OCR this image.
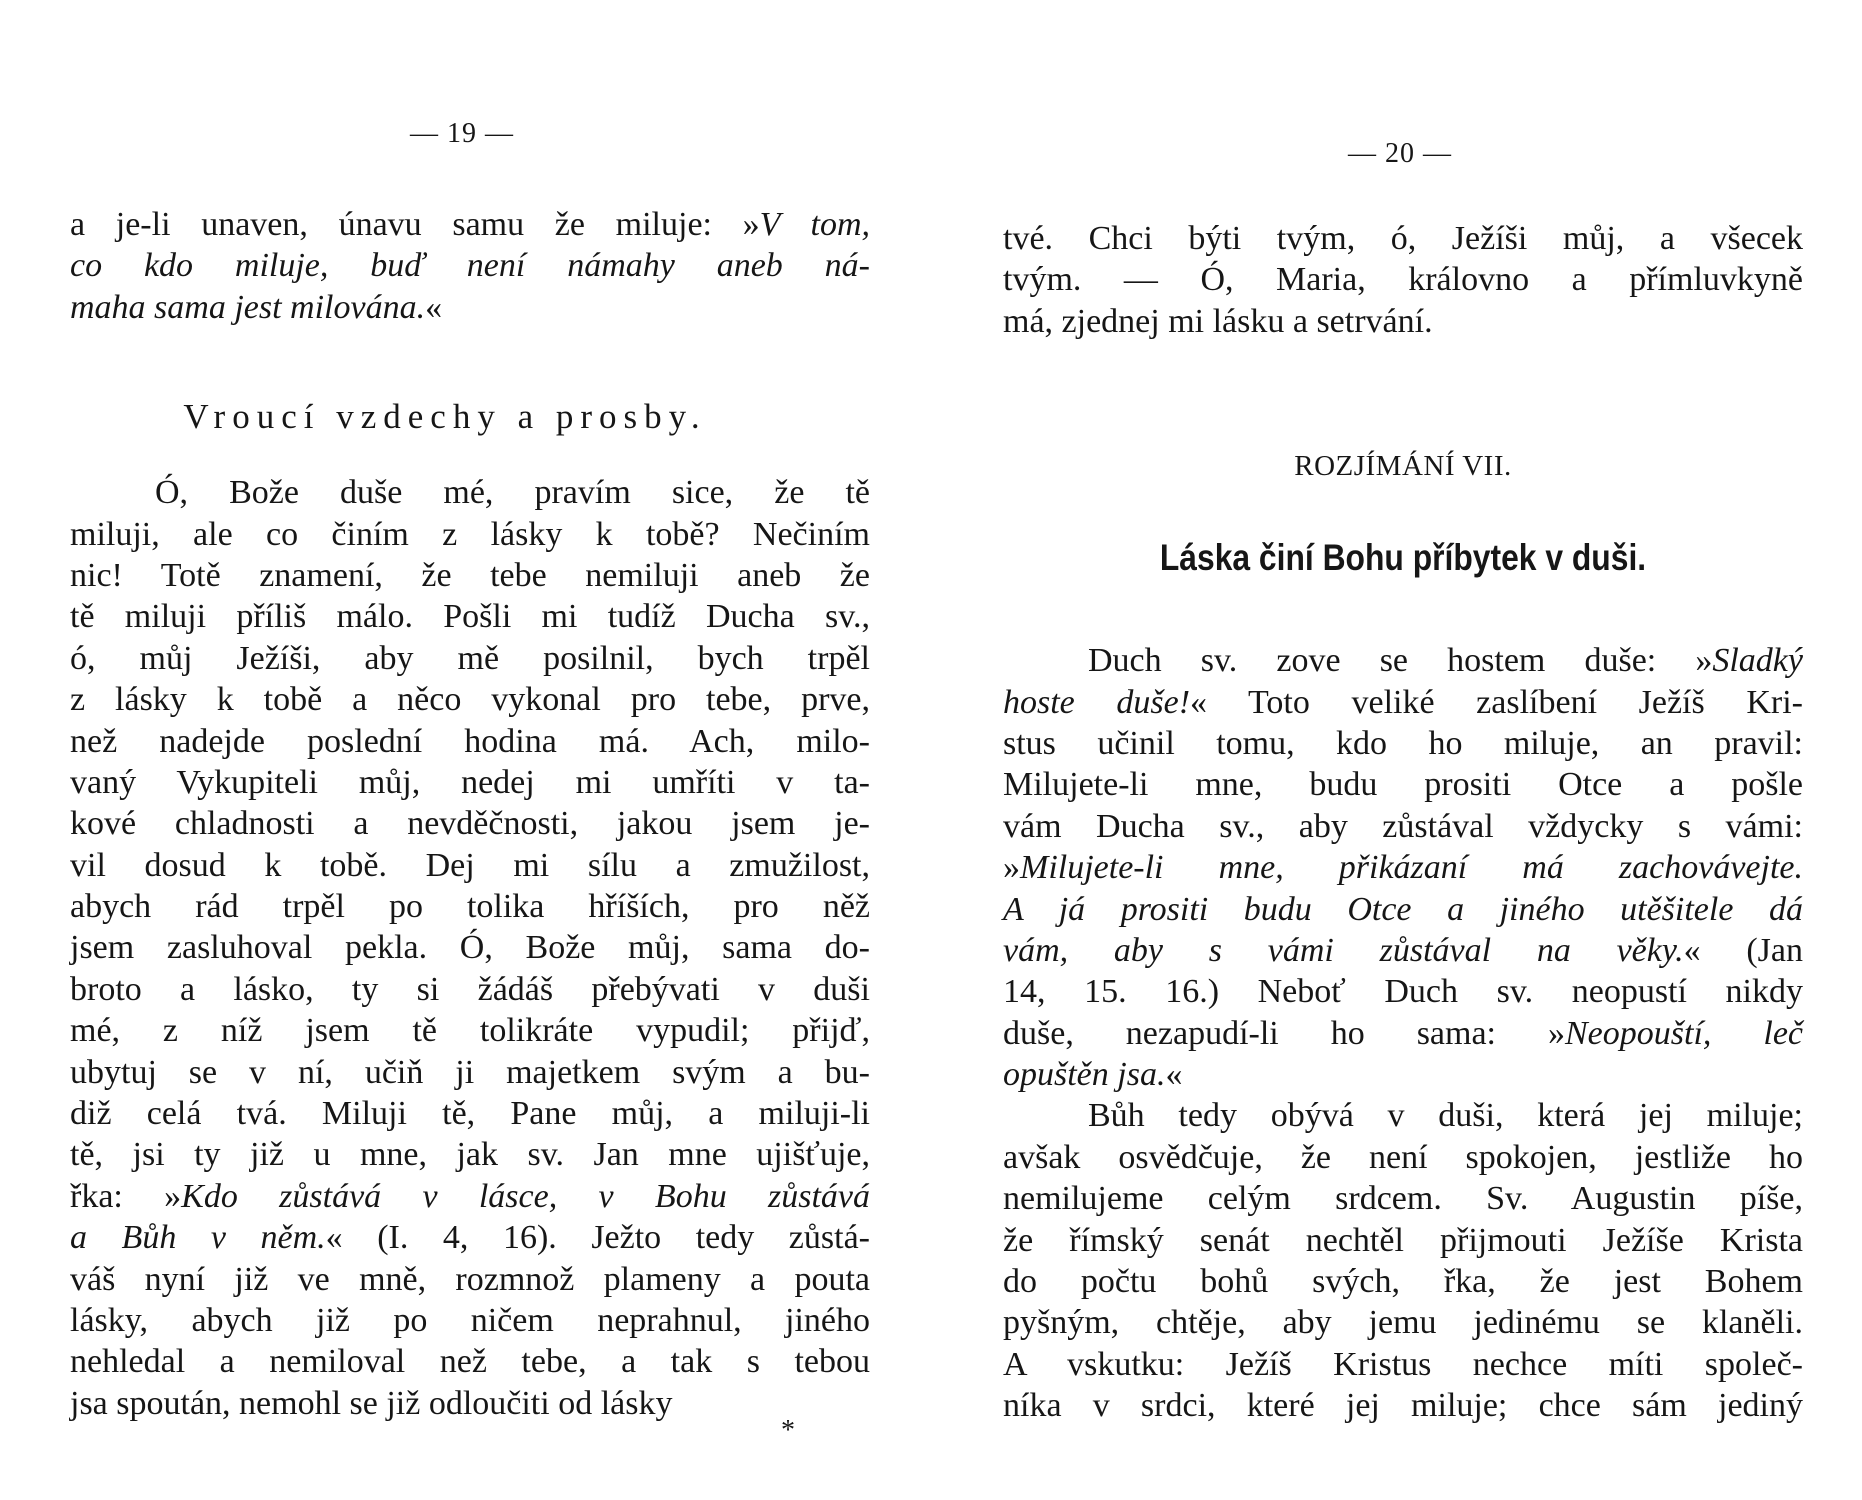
— 19 —
a je-li unaven, únavu samu že miluje: »V tom,
co kdo miluje, buď není námahy aneb ná-
maha sama jest milována.«
Vroucí vzdechy a prosby.
Ó, Bože duše mé, pravím sice, že tě
miluji, ale co činím z lásky k tobě? Nečiním
nic! Totě znamení, že tebe nemiluji aneb že
tě miluji příliš málo. Pošli mi tudíž Ducha sv.,
ó, můj Ježíši, aby mě posilnil, bych trpěl
z lásky k tobě a něco vykonal pro tebe, prve,
než nadejde poslední hodina má. Ach, milo-
vaný Vykupiteli můj, nedej mi umříti v ta-
kové chladnosti a nevděčnosti, jakou jsem je-
vil dosud k tobě. Dej mi sílu a zmužilost,
abych rád trpěl po tolika hříších, pro něž
jsem zasluhoval pekla. Ó, Bože můj, sama do-
broto a lásko, ty si žádáš přebývati v duši
mé, z níž jsem tě tolikráte vypudil; přijď,
ubytuj se v ní, učiň ji majetkem svým a bu-
diž celá tvá. Miluji tě, Pane můj, a miluji-li
tě, jsi ty již u mne, jak sv. Jan mne ujišťuje,
řka: »Kdo zůstává v lásce, v Bohu zůstává
a Bůh v něm.« (I. 4, 16). Ježto tedy zůstá-
váš nyní již ve mně, rozmnož plameny a pouta
lásky, abych již po ničem neprahnul, jiného
nehledal a nemiloval než tebe, a tak s tebou
jsa spoután, nemohl se již odloučiti od lásky
*
— 20 —
tvé. Chci býti tvým, ó, Ježíši můj, a všecek
tvým. — Ó, Maria, královno a přímluvkyně
má, zjednej mi lásku a setrvání.
ROZJÍMÁNÍ VII.
Láska činí Bohu příbytek v duši.
Duch sv. zove se hostem duše: »Sladký
hoste duše!« Toto veliké zaslíbení Ježíš Kri-
stus učinil tomu, kdo ho miluje, an pravil:
Milujete-li mne, budu prositi Otce a pošle
vám Ducha sv., aby zůstával vždycky s vámi:
»Milujete-li mne, přikázaní má zachovávejte.
A já prositi budu Otce a jiného utěšitele dá
vám, aby s vámi zůstával na věky.« (Jan
14, 15. 16.) Neboť Duch sv. neopustí nikdy
duše, nezapudí-li ho sama: »Neopouští, leč
opuštěn jsa.«
Bůh tedy obývá v duši, která jej miluje;
avšak osvědčuje, že není spokojen, jestliže ho
nemilujeme celým srdcem. Sv. Augustin píše,
že římský senát nechtěl přijmouti Ježíše Krista
do počtu bohů svých, řka, že jest Bohem
pyšným, chtěje, aby jemu jedinému se klaněli.
A vskutku: Ježíš Kristus nechce míti společ-
níka v srdci, které jej miluje; chce sám jediný
